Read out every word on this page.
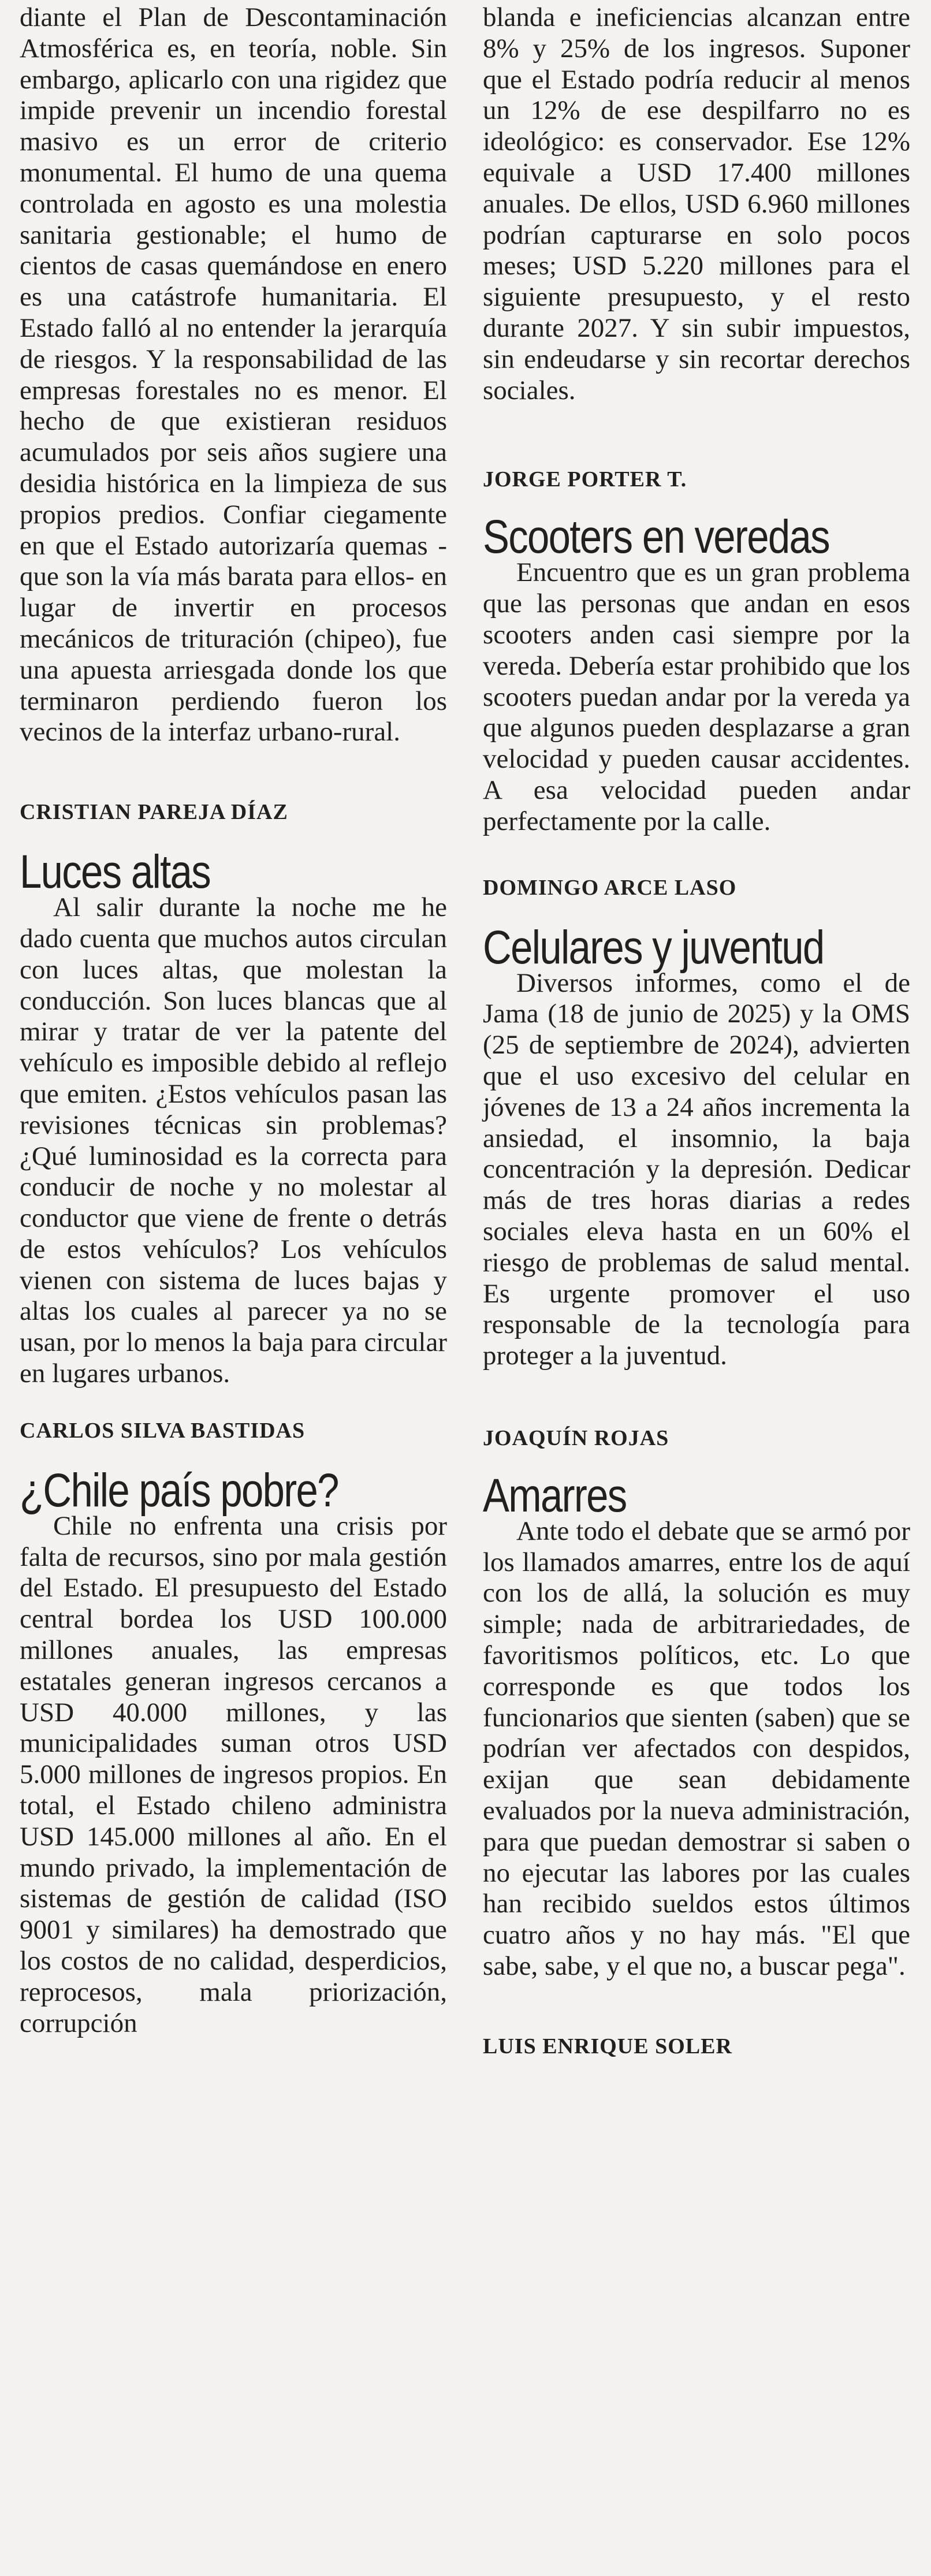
diante el Plan de Descontaminación Atmosférica es, en teoría, noble. Sin embargo, aplicarlo con una rigidez que impide prevenir un incendio forestal masivo es un error de criterio monumental. El humo de una quema controlada en agosto es una molestia sanitaria gestionable; el humo de cientos de casas quemándose en enero es una catástrofe humanitaria. El Estado falló al no entender la jerarquía de riesgos. Y la responsabilidad de las empresas forestales no es menor. El hecho de que existieran residuos acumulados por seis años sugiere una desidia histórica en la limpieza de sus propios predios. Confiar ciegamente en que el Estado autorizaría quemas -que son la vía más barata para ellos- en lugar de invertir en procesos mecánicos de trituración (chipeo), fue una apuesta arriesgada donde los que terminaron perdiendo fueron los vecinos de la interfaz urbano-rural.

CRISTIAN PAREJA DÍAZ

Luces altas

Al salir durante la noche me he dado cuenta que muchos autos circulan con luces altas, que molestan la conducción. Son luces blancas que al mirar y tratar de ver la patente del vehículo es imposible debido al reflejo que emiten. ¿Estos vehículos pasan las revisiones técnicas sin problemas? ¿Qué luminosidad es la correcta para conducir de noche y no molestar al conductor que viene de frente o detrás de estos vehículos? Los vehículos vienen con sistema de luces bajas y altas los cuales al parecer ya no se usan, por lo menos la baja para circular en lugares urbanos.

CARLOS SILVA BASTIDAS

¿Chile país pobre?

Chile no enfrenta una crisis por falta de recursos, sino por mala gestión del Estado. El presupuesto del Estado central bordea los USD 100.000 millones anuales, las empresas estatales generan ingresos cercanos a USD 40.000 millones, y las municipalidades suman otros USD 5.000 millones de ingresos propios. En total, el Estado chileno administra USD 145.000 millones al año. En el mundo privado, la implementación de sistemas de gestión de calidad (ISO 9001 y similares) ha demostrado que los costos de no calidad, desperdicios, reprocesos, mala priorización, corrupción

blanda e ineficiencias alcanzan entre 8% y 25% de los ingresos. Suponer que el Estado podría reducir al menos un 12% de ese despilfarro no es ideológico: es conservador. Ese 12% equivale a USD 17.400 millones anuales. De ellos, USD 6.960 millones podrían capturarse en solo pocos meses; USD 5.220 millones para el siguiente presupuesto, y el resto durante 2027. Y sin subir impuestos, sin endeudarse y sin recortar derechos sociales.

JORGE PORTER T.

Scooters en veredas

Encuentro que es un gran problema que las personas que andan en esos scooters anden casi siempre por la vereda. Debería estar prohibido que los scooters puedan andar por la vereda ya que algunos pueden desplazarse a gran velocidad y pueden causar accidentes. A esa velocidad pueden andar perfectamente por la calle.

DOMINGO ARCE LASO

Celulares y juventud

Diversos informes, como el de Jama (18 de junio de 2025) y la OMS (25 de septiembre de 2024), advierten que el uso excesivo del celular en jóvenes de 13 a 24 años incrementa la ansiedad, el insomnio, la baja concentración y la depresión. Dedicar más de tres horas diarias a redes sociales eleva hasta en un 60% el riesgo de problemas de salud mental. Es urgente promover el uso responsable de la tecnología para proteger a la juventud.

JOAQUÍN ROJAS

Amarres

Ante todo el debate que se armó por los llamados amarres, entre los de aquí con los de allá, la solución es muy simple; nada de arbitrariedades, de favoritismos políticos, etc. Lo que corresponde es que todos los funcionarios que sienten (saben) que se podrían ver afectados con despidos, exijan que sean debidamente evaluados por la nueva administración, para que puedan demostrar si saben o no ejecutar las labores por las cuales han recibido sueldos estos últimos cuatro años y no hay más. "El que sabe, sabe, y el que no, a buscar pega".

LUIS ENRIQUE SOLER
